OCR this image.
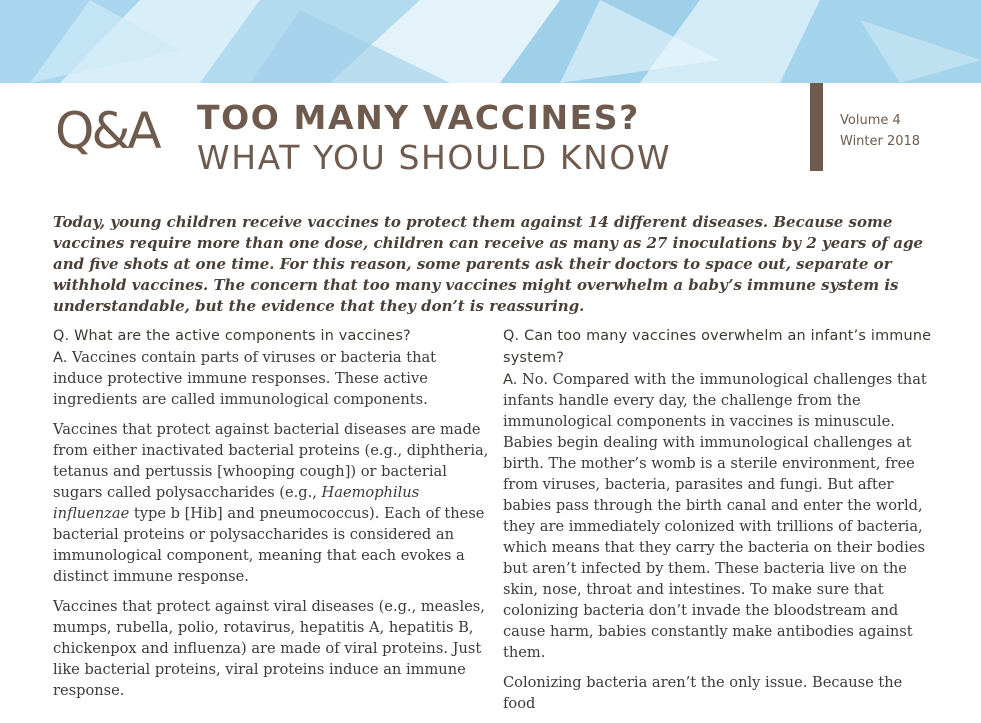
Q&A TOO MANY VACCINES?
WHAT YOU SHOULD KNOW
Volume 4
Winter 2018

Today, young children receive vaccines to protect them against 14 different diseases. Because some vaccines require more than one dose, children can receive as many as 27 inoculations by 2 years of age and five shots at one time. For this reason, some parents ask their doctors to space out, separate or withhold vaccines. The concern that too many vaccines might overwhelm a baby’s immune system is understandable, but the evidence that they don’t is reassuring.

Q. What are the active components in vaccines?

A. Vaccines contain parts of viruses or bacteria that induce protective immune responses. These active ingredients are called immunological components.

Vaccines that protect against bacterial diseases are made from either inactivated bacterial proteins (e.g., diphtheria, tetanus and pertussis [whooping cough]) or bacterial sugars called polysaccharides (e.g., Haemophilus influenzae type b [Hib] and pneumococcus). Each of these bacterial proteins or polysaccharides is considered an immunological component, meaning that each evokes a distinct immune response.

Vaccines that protect against viral diseases (e.g., measles, mumps, rubella, polio, rotavirus, hepatitis A, hepatitis B, chickenpox and influenza) are made of viral proteins. Just like bacterial proteins, viral proteins induce an immune response.

Q. Can too many vaccines overwhelm an infant’s immune system?

A. No. Compared with the immunological challenges that infants handle every day, the challenge from the immunological components in vaccines is minuscule. Babies begin dealing with immunological challenges at birth. The mother’s womb is a sterile environment, free from viruses, bacteria, parasites and fungi. But after babies pass through the birth canal and enter the world, they are immediately colonized with trillions of bacteria, which means that they carry the bacteria on their bodies but aren’t infected by them. These bacteria live on the skin, nose, throat and intestines. To make sure that colonizing bacteria don’t invade the bloodstream and cause harm, babies constantly make antibodies against them.

Colonizing bacteria aren’t the only issue. Because the food
